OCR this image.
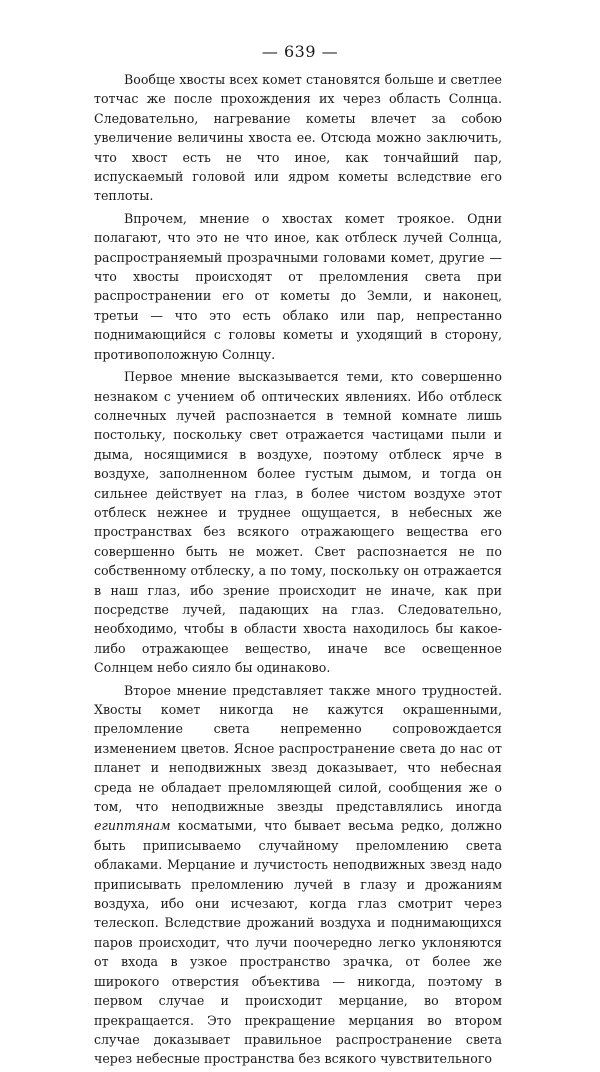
— 639 —

Вообще хвосты всех комет становятся больше и светлее тотчас же после прохождения их через область Солнца. Следовательно, нагревание кометы влечет за собою увеличение величины хвоста ее. Отсюда можно заключить, что хвост есть не что иное, как тончайший пар, испускаемый головой или ядром кометы вследствие его теплоты.

Впрочем, мнение о хвостах комет троякое. Одни полагают, что это не что иное, как отблеск лучей Солнца, распространяемый прозрачными головами комет, другие — что хвосты происходят от преломления света при распространении его от кометы до Земли, и наконец, третьи — что это есть облако или пар, непрестанно поднимающийся с головы кометы и уходящий в сторону, противоположную Солнцу.

Первое мнение высказывается теми, кто совершенно незнаком с учением об оптических явлениях. Ибо отблеск солнечных лучей распознается в темной комнате лишь постольку, поскольку свет отражается частицами пыли и дыма, носящимися в воздухе, поэтому отблеск ярче в воздухе, заполненном более густым дымом, и тогда он сильнее действует на глаз, в более чистом воздухе этот отблеск нежнее и труднее ощущается, в небесных же пространствах без всякого отражающего вещества его совершенно быть не может. Свет распознается не по собственному отблеску, а по тому, поскольку он отражается в наш глаз, ибо зрение происходит не иначе, как при посредстве лучей, падающих на глаз. Следовательно, необходимо, чтобы в области хвоста находилось бы какое-либо отражающее вещество, иначе все освещенное Солнцем небо сияло бы одинаково.

Второе мнение представляет также много трудностей. Хвосты комет никогда не кажутся окрашенными, преломление света непременно сопровождается изменением цветов. Ясное распространение света до нас от планет и неподвижных звезд доказывает, что небесная среда не обладает преломляющей силой, сообщения же о том, что неподвижные звезды представлялись иногда египтянам косматыми, что бывает весьма редко, должно быть приписываемо случайному преломлению света облаками. Мерцание и лучистость неподвижных звезд надо приписывать преломлению лучей в глазу и дрожаниям воздуха, ибо они исчезают, когда глаз смотрит через телескоп. Вследствие дрожаний воздуха и поднимающихся паров происходит, что лучи поочередно легко уклоняются от входа в узкое пространство зрачка, от более же широкого отверстия объектива — никогда, поэтому в первом случае и происходит мерцание, во втором прекращается. Это прекращение мерцания во втором случае доказывает правильное распространение света через небесные пространства без всякого чувствительного
